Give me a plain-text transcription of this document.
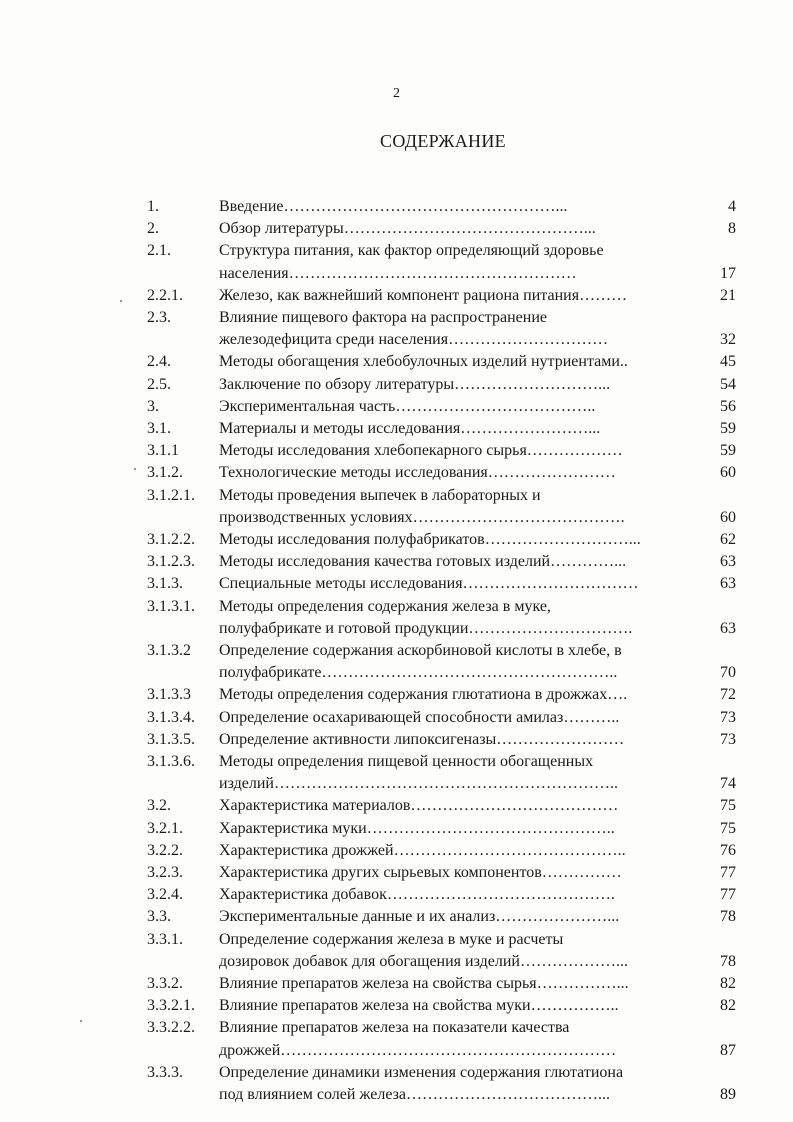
2
СОДЕРЖАНИЕ
1.	Введение……………………………………………...	4
2.	Обзор литературы………………………………………...	8
2.1.	Структура питания, как фактор определяющий здоровье
населения………………………………………………	17
2.2.1. Железо, как важнейший компонент рациона питания………	21
2.3.	Влияние пищевого фактора на распространение
железодефицита среди населения…………………………	32
2.4.	Методы обогащения хлебобулочных изделий нутриентами..	45
2.5.	Заключение по обзору литературы………………………...	54
3.	Экспериментальная часть………………………………..	56
3.1.	Материалы и методы исследования……………………...	59
3.1.1	Методы исследования хлебопекарного сырья………………	59
3.1.2. Технологические методы исследования……………………	60
3.1.2.1. Методы проведения выпечек в лабораторных и
производственных условиях………………………………….	60
3.1.2.2. Методы исследования полуфабрикатов………………………...	62
3.1.2.3. Методы исследования качества готовых изделий…………...	63
3.1.3. Специальные методы исследования……………………………	63
3.1.3.1. Методы определения содержания железа в муке,
полуфабрикате и готовой продукции………………………….	63
3.1.3.2 Определение содержания аскорбиновой кислоты в хлебе, в
полуфабрикате………………………………………………..	70
3.1.3.3 Методы определения содержания глютатиона в дрожжах….	72
3.1.3.4. Определение осахаривающей способности амилаз………..	73
3.1.3.5. Определение активности липоксигеназы……………………	73
3.1.3.6. Методы определения пищевой ценности обогащенных
изделий………………………………………………………..	74
3.2.	Характеристика материалов…………………………………	75
3.2.1. Характеристика муки………………………………………..	75
3.2.2. Характеристика дрожжей……………………………………..	76
3.2.3. Характеристика других сырьевых компонентов……………	77
3.2.4. Характеристика добавок…………………………………….	77
3.3.	Экспериментальные данные и их анализ…………………...	78
3.3.1. Определение содержания железа в муке и расчеты
дозировок добавок для обогащения изделий………………...	78
3.3.2. Влияние препаратов железа на свойства сырья……………...	82
3.3.2.1. Влияние препаратов железа на свойства муки……………..	82
3.3.2.2. Влияние препаратов железа на показатели качества
дрожжей………………………………………………………	87
3.3.3. Определение динамики изменения содержания глютатиона
под влиянием солей железа………………………………...	89
